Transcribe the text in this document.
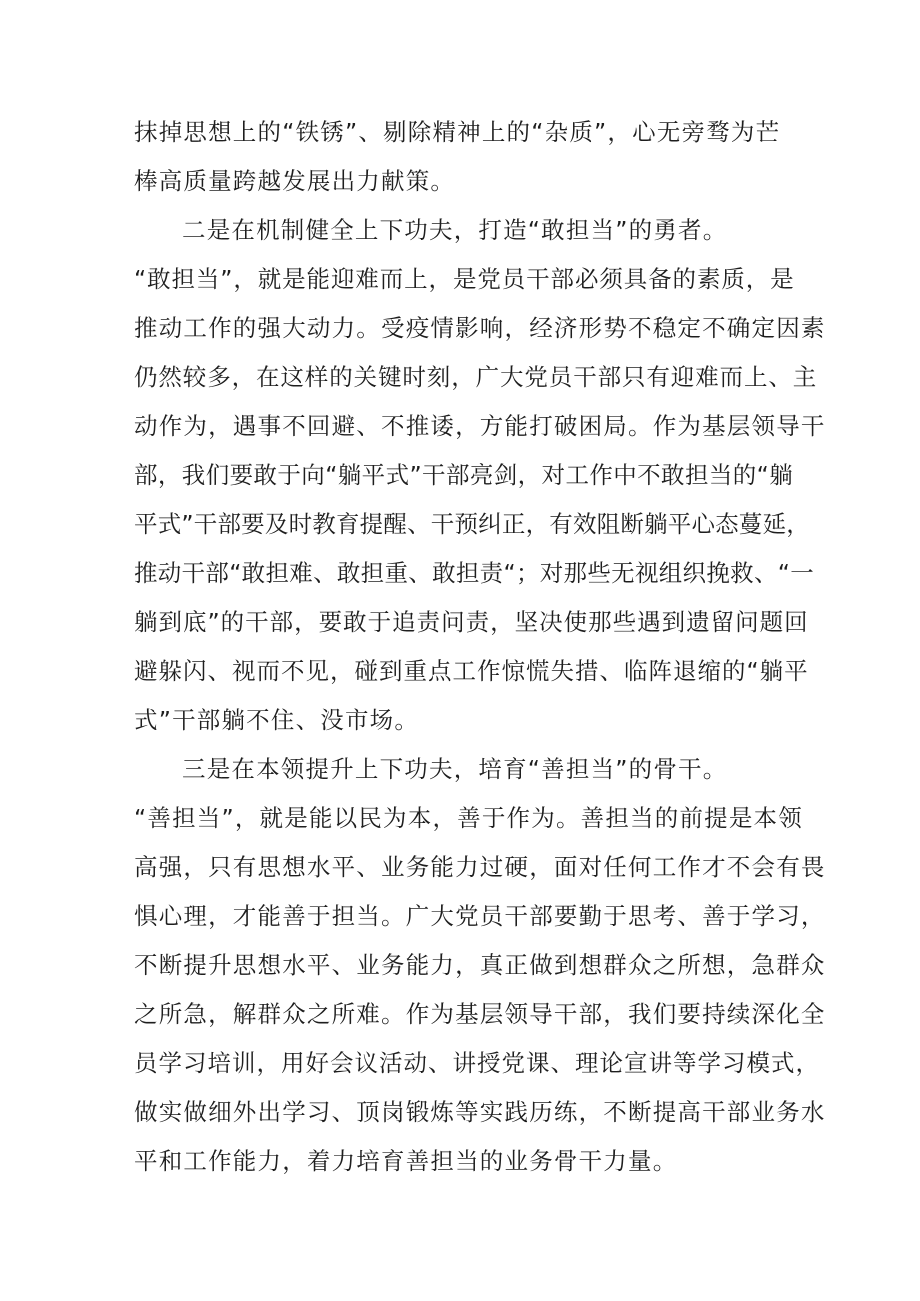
抹掉思想上的“铁锈”、剔除精神上的“杂质”，心无旁骛为芒
棒高质量跨越发展出力献策。
二是在机制健全上下功夫，打造“敢担当”的勇者。
“敢担当”，就是能迎难而上，是党员干部必须具备的素质，是
推动工作的强大动力。受疫情影响，经济形势不稳定不确定因素
仍然较多，在这样的关键时刻，广大党员干部只有迎难而上、主
动作为，遇事不回避、不推诿，方能打破困局。作为基层领导干
部，我们要敢于向“躺平式”干部亮剑，对工作中不敢担当的“躺
平式”干部要及时教育提醒、干预纠正，有效阻断躺平心态蔓延，
推动干部“敢担难、敢担重、敢担责“；对那些无视组织挽救、“一
躺到底”的干部，要敢于追责问责，坚决使那些遇到遗留问题回
避躲闪、视而不见，碰到重点工作惊慌失措、临阵退缩的“躺平
式”干部躺不住、没市场。
三是在本领提升上下功夫，培育“善担当”的骨干。
“善担当”，就是能以民为本，善于作为。善担当的前提是本领
高强，只有思想水平、业务能力过硬，面对任何工作才不会有畏
惧心理，才能善于担当。广大党员干部要勤于思考、善于学习，
不断提升思想水平、业务能力，真正做到想群众之所想，急群众
之所急，解群众之所难。作为基层领导干部，我们要持续深化全
员学习培训，用好会议活动、讲授党课、理论宣讲等学习模式，
做实做细外出学习、顶岗锻炼等实践历练，不断提高干部业务水
平和工作能力，着力培育善担当的业务骨干力量。
